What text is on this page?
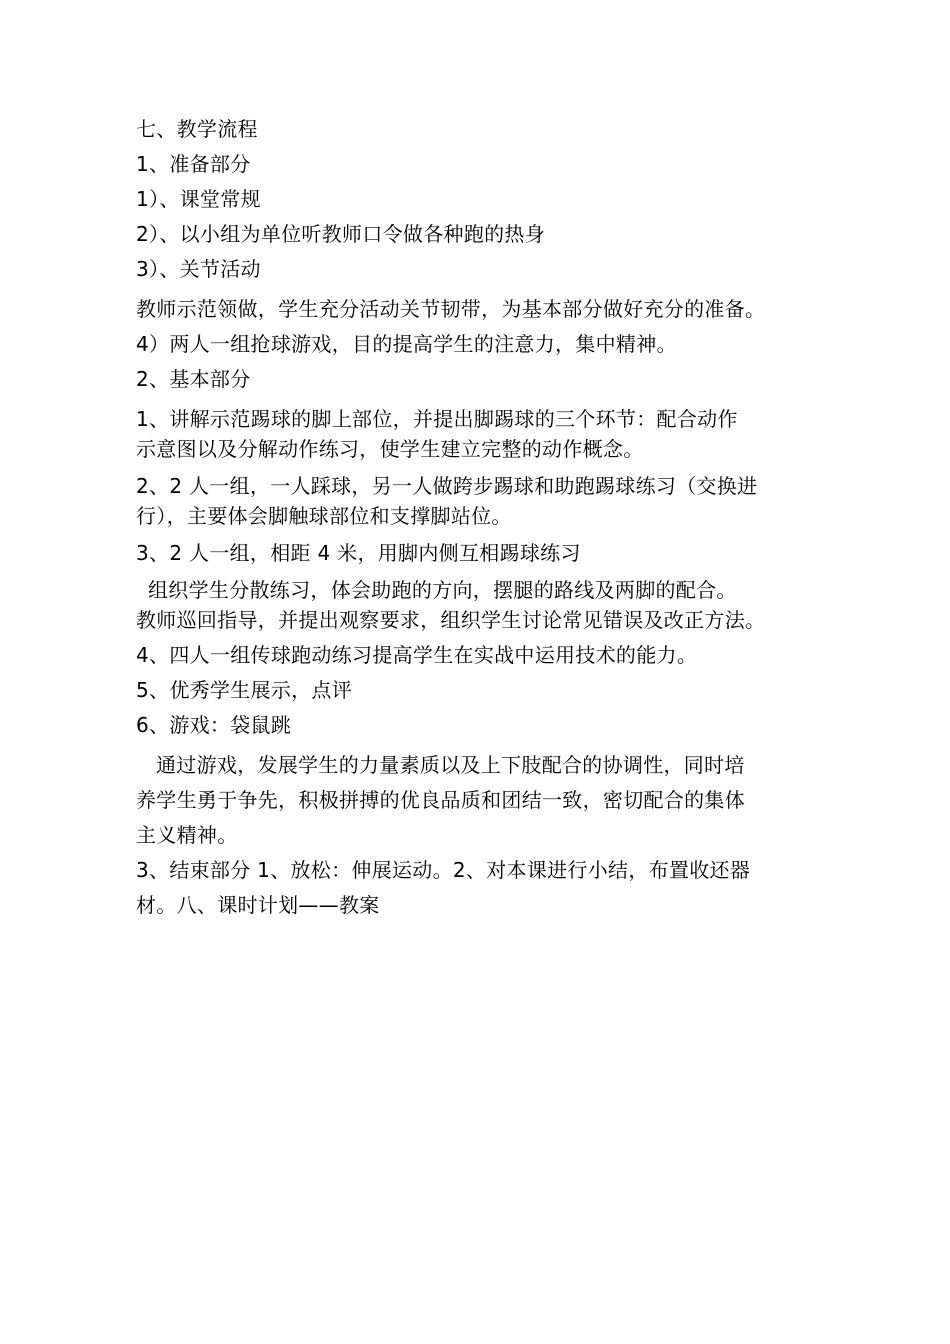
七、教学流程
1、准备部分
1）、课堂常规
2）、以小组为单位听教师口令做各种跑的热身
3）、关节活动
教师示范领做，学生充分活动关节韧带，为基本部分做好充分的准备。
4）两人一组抢球游戏，目的提高学生的注意力，集中精神。
2、基本部分
1、讲解示范踢球的脚上部位，并提出脚踢球的三个环节：配合动作
示意图以及分解动作练习，使学生建立完整的动作概念。
2、2 人一组，一人踩球，另一人做跨步踢球和助跑踢球练习（交换进
行），主要体会脚触球部位和支撑脚站位。
3、2 人一组，相距 4 米，用脚内侧互相踢球练习
组织学生分散练习，体会助跑的方向，摆腿的路线及两脚的配合。
教师巡回指导，并提出观察要求，组织学生讨论常见错误及改正方法。
4、四人一组传球跑动练习提高学生在实战中运用技术的能力。
5、优秀学生展示，点评
6、游戏：袋鼠跳
通过游戏，发展学生的力量素质以及上下肢配合的协调性，同时培
养学生勇于争先，积极拼搏的优良品质和团结一致，密切配合的集体
主义精神。
3、结束部分 1、放松：伸展运动。2、对本课进行小结，布置收还器
材。八、课时计划——教案
